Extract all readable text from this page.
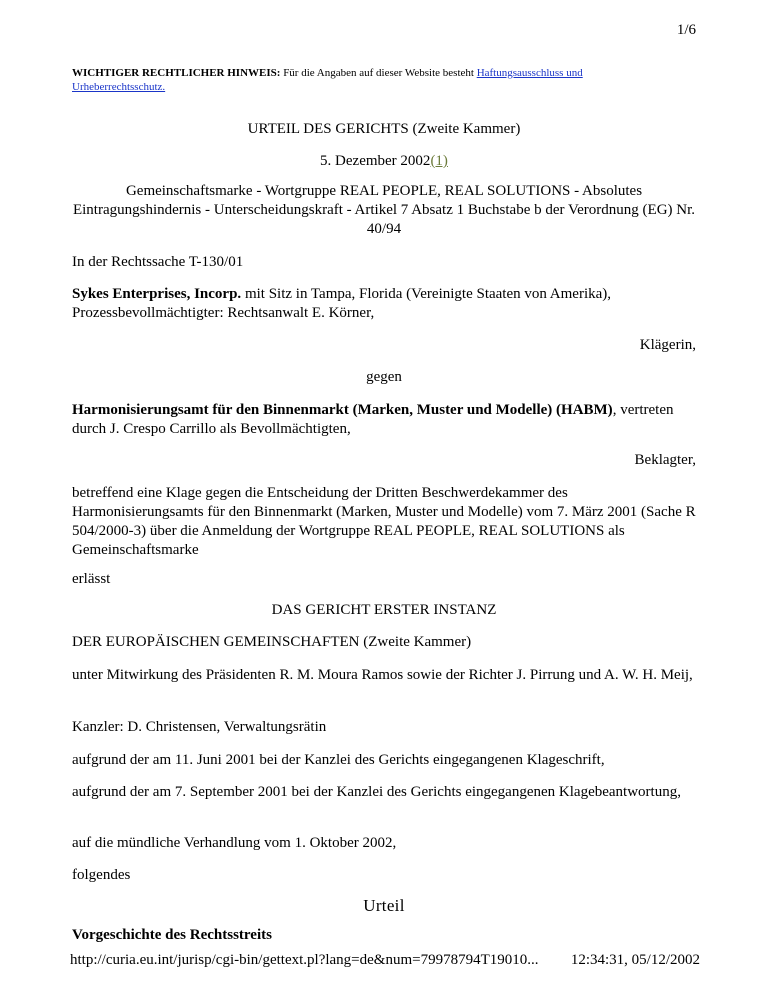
1/6
WICHTIGER RECHTLICHER HINWEIS: Für die Angaben auf dieser Website besteht Haftungsausschluss und
Urheberrechtsschutz.
URTEIL DES GERICHTS (Zweite Kammer)
5. Dezember 2002(1)
Gemeinschaftsmarke - Wortgruppe REAL PEOPLE, REAL SOLUTIONS - Absolutes Eintragungshindernis - Unterscheidungskraft - Artikel 7 Absatz 1 Buchstabe b der Verordnung (EG) Nr. 40/94
In der Rechtssache T-130/01
Sykes Enterprises, Incorp. mit Sitz in Tampa, Florida (Vereinigte Staaten von Amerika), Prozessbevollmächtigter: Rechtsanwalt E. Körner,
Klägerin,
gegen
Harmonisierungsamt für den Binnenmarkt (Marken, Muster und Modelle) (HABM), vertreten durch J. Crespo Carrillo als Bevollmächtigten,
Beklagter,
betreffend eine Klage gegen die Entscheidung der Dritten Beschwerdekammer des Harmonisierungsamts für den Binnenmarkt (Marken, Muster und Modelle) vom 7. März 2001 (Sache R 504/2000-3) über die Anmeldung der Wortgruppe REAL PEOPLE, REAL SOLUTIONS als Gemeinschaftsmarke
erlässt
DAS GERICHT ERSTER INSTANZ
DER EUROPÄISCHEN GEMEINSCHAFTEN (Zweite Kammer)
unter Mitwirkung des Präsidenten R. M. Moura Ramos sowie der Richter J. Pirrung und A. W. H. Meij,
Kanzler: D. Christensen, Verwaltungsrätin
aufgrund der am 11. Juni 2001 bei der Kanzlei des Gerichts eingegangenen Klageschrift,
aufgrund der am 7. September 2001 bei der Kanzlei des Gerichts eingegangenen Klagebeantwortung,
auf die mündliche Verhandlung vom 1. Oktober 2002,
folgendes
Urteil
Vorgeschichte des Rechtsstreits
http://curia.eu.int/jurisp/cgi-bin/gettext.pl?lang=de&num=79978794T19010... 12:34:31, 05/12/2002
